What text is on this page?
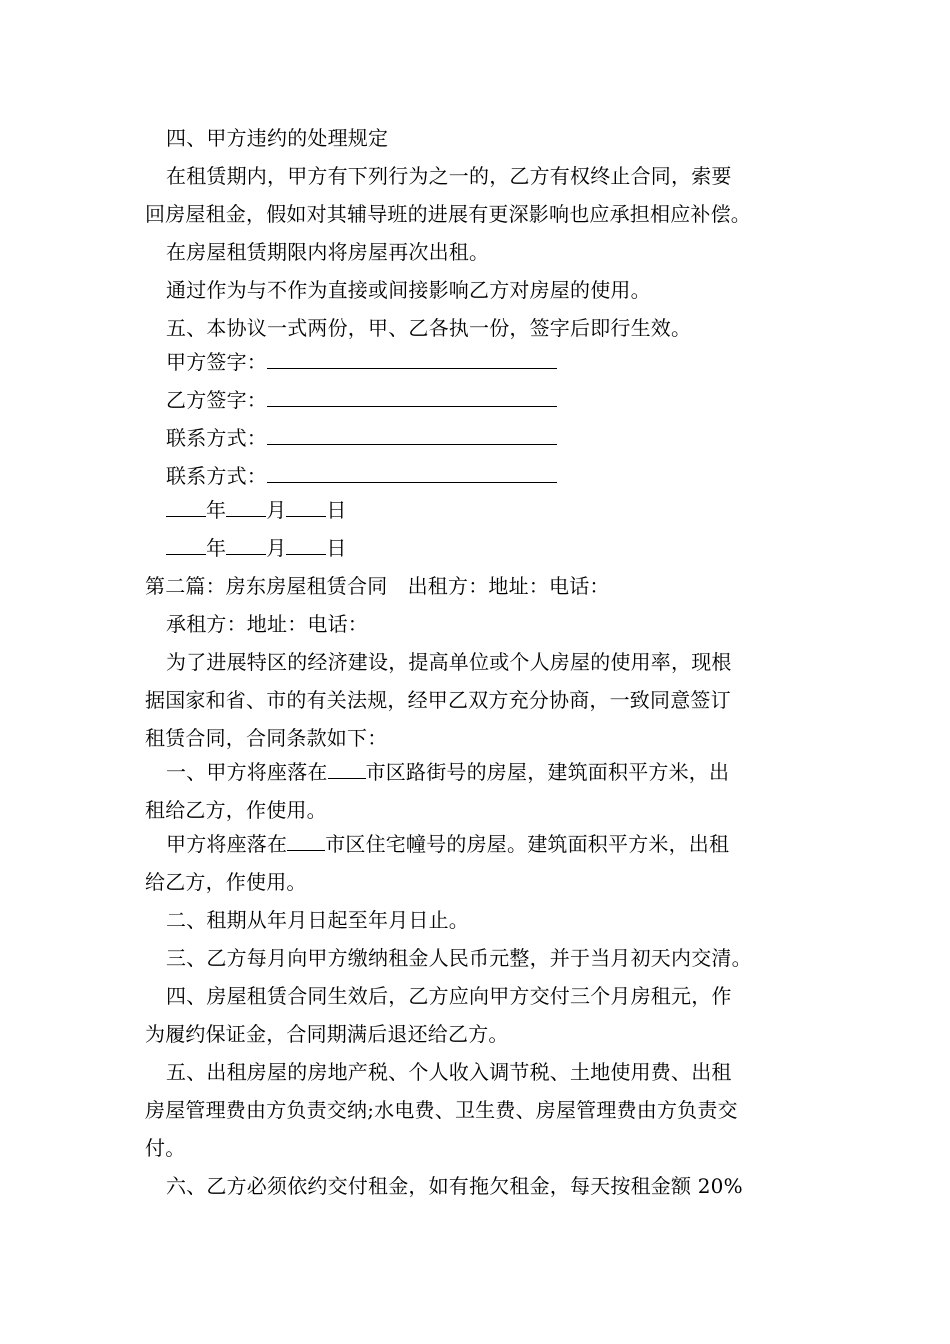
四、甲方违约的处理规定
在租赁期内，甲方有下列行为之一的，乙方有权终止合同，索要
回房屋租金，假如对其辅导班的进展有更深影响也应承担相应补偿。
在房屋租赁期限内将房屋再次出租。
通过作为与不作为直接或间接影响乙方对房屋的使用。
五、本协议一式两份，甲、乙各执一份，签字后即行生效。
甲方签字：
乙方签字：
联系方式：
联系方式：
年 月 日
年 月 日
第二篇：房东房屋租赁合同　出租方：地址：电话：
承租方：地址：电话：
为了进展特区的经济建设，提高单位或个人房屋的使用率，现根
据国家和省、市的有关法规，经甲乙双方充分协商，一致同意签订
租赁合同，合同条款如下：
一、甲方将座落在 市区路街号的房屋，建筑面积平方米，出
租给乙方，作使用。
甲方将座落在 市区住宅幢号的房屋。建筑面积平方米，出租
给乙方，作使用。
二、租期从年月日起至年月日止。
三、乙方每月向甲方缴纳租金人民币元整，并于当月初天内交清。
四、房屋租赁合同生效后，乙方应向甲方交付三个月房租元，作
为履约保证金，合同期满后退还给乙方。
五、出租房屋的房地产税、个人收入调节税、土地使用费、出租
房屋管理费由方负责交纳;水电费、卫生费、房屋管理费由方负责交
付。
六、乙方必须依约交付租金，如有拖欠租金，每天按租金额 20%
